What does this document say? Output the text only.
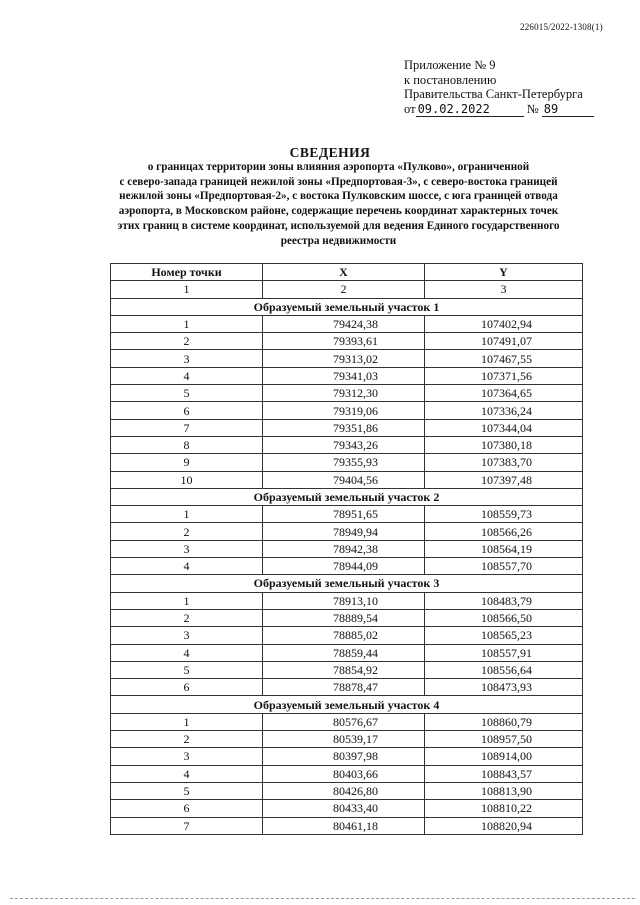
226015/2022-1308(1)
Приложение № 9
к постановлению
Правительства Санкт-Петербурга
от 09.02.2022	№ 89
СВЕДЕНИЯ
о границах территории зоны влияния аэропорта «Пулково», ограниченной
с северо-запада границей нежилой зоны «Предпортовая-3», с северо-востока границей
нежилой зоны «Предпортовая-2», с востока Пулковским шоссе, с юга границей отвода
аэропорта, в Московском районе, содержащие перечень координат характерных точек
этих границ в системе координат, используемой для ведения Единого государственного
реестра недвижимости
Номер точки	X	Y
1	2	3
Образуемый земельный участок 1		
1	79424,38	107402,94
2	79393,61	107491,07
3	79313,02	107467,55
4	79341,03	107371,56
5	79312,30	107364,65
6	79319,06	107336,24
7	79351,86	107344,04
8	79343,26	107380,18
9	79355,93	107383,70
10	79404,56	107397,48
Образуемый земельный участок 2		
1	78951,65	108559,73
2	78949,94	108566,26
3	78942,38	108564,19
4	78944,09	108557,70
Образуемый земельный участок 3		
1	78913,10	108483,79
2	78889,54	108566,50
3	78885,02	108565,23
4	78859,44	108557,91
5	78854,92	108556,64
6	78878,47	108473,93
Образуемый земельный участок 4		
1	80576,67	108860,79
2	80539,17	108957,50
3	80397,98	108914,00
4	80403,66	108843,57
5	80426,80	108813,90
6	80433,40	108810,22
7	80461,18	108820,94
